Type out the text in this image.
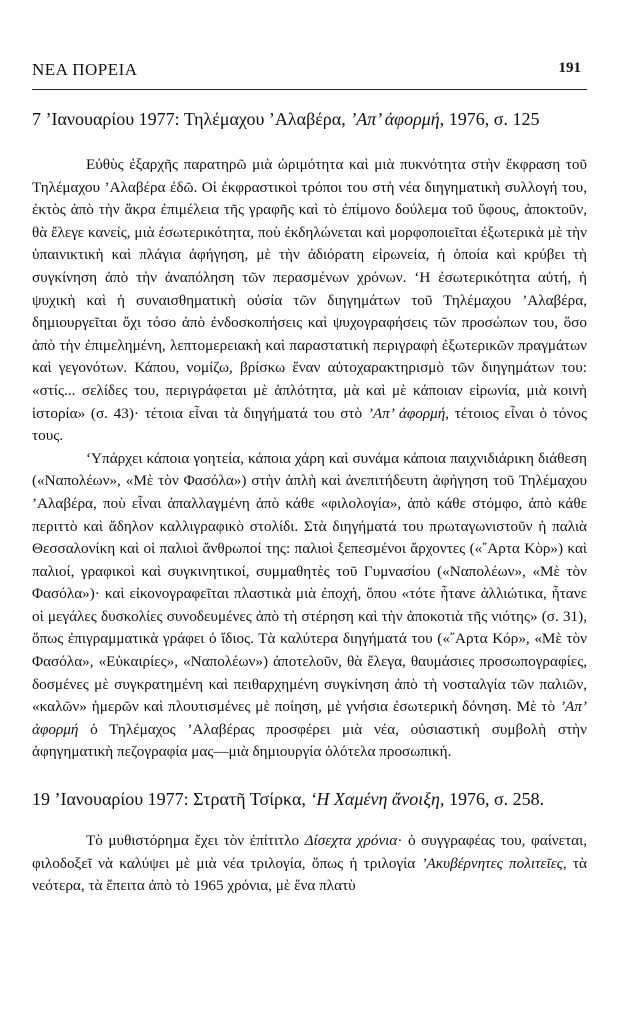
ΝΕΑ ΠΟΡΕΙΑ	191

7 ’Ιανουαρίου 1977: Τηλέμαχου ’Αλαβέρα, ’Απ’ ἀφορμή, 1976, σ. 125

Εὐθὺς ἐξαρχῆς παρατηρῶ μιὰ ὡριμότητα καὶ μιὰ πυκνότητα στὴν ἔκφραση τοῦ Τηλέμαχου ’Αλαβέρα ἐδῶ. Οἱ ἐκφραστικοὶ τρόποι του στὴ νέα διηγηματικὴ συλλογή του, ἐκτὸς ἀπὸ τὴν ἄκρα ἐπιμέλεια τῆς γραφῆς καὶ τὸ ἐπίμονο δούλεμα τοῦ ὕφους, ἀποκτοῦν, θὰ ἔλεγε κανείς, μιὰ ἐσωτερικότητα, ποὺ ἐκδηλώνεται καὶ μορφοποιεῖται ἐξωτερικὰ μὲ τὴν ὑπαινικτικὴ καὶ πλάγια ἀφήγηση, μὲ τὴν ἀδιόρατη εἰρωνεία, ἡ ὁποία καὶ κρύβει τὴ συγκίνηση ἀπὸ τὴν ἀναπόληση τῶν περασμένων χρόνων. ‘Η ἐσωτερικότητα αὐτή, ἡ ψυχικὴ καὶ ἡ συναισθηματικὴ οὐσία τῶν διηγημάτων τοῦ Τηλέμαχου ’Αλαβέρα, δημιουργεῖται ὄχι τόσο ἀπὸ ἐνδοσκοπήσεις καὶ ψυχογραφήσεις τῶν προσώπων του, ὅσο ἀπὸ τὴν ἐπιμελημένη, λεπτομερειακὴ καὶ παραστατικὴ περιγραφὴ ἐξωτερικῶν πραγμάτων καὶ γεγονότων. Κάπου, νομίζω, βρίσκω ἕναν αὐτοχαρακτηρισμὸ τῶν διηγημάτων του: «στίς... σελίδες του, περιγράφεται μὲ ἁπλότητα, μὰ καὶ μὲ κάποιαν εἰρωνία, μιὰ κοινὴ ἱστορία» (σ. 43)· τέτοια εἶναι τὰ διηγήματά του στὸ ’Απ’ ἀφορμή, τέτοιος εἶναι ὁ τόνος τους.

‘Υπάρχει κάποια γοητεία, κάποια χάρη καὶ συνάμα κάποια παιχνιδιάρικη διάθεση («Ναπολέων», «Μὲ τὸν Φασόλα») στὴν ἁπλὴ καὶ ἀνεπιτήδευτη ἀφήγηση τοῦ Τηλέμαχου ’Αλαβέρα, ποὺ εἶναι ἀπαλλαγμένη ἀπὸ κάθε «φιλολογία», ἀπὸ κάθε στόμφο, ἀπὸ κάθε περιττὸ καὶ ἄδηλον καλλιγραφικὸ στολίδι. Στὰ διηγήματά του πρωταγωνιστοῦν ἡ παλιὰ Θεσσαλονίκη καὶ οἱ παλιοὶ ἄνθρωποί της: παλιοὶ ξεπεσμένοι ἄρχοντες («῎Αρτα Κὸρ») καὶ παλιοί, γραφικοὶ καὶ συγκινητικοί, συμμαθητὲς τοῦ Γυμνασίου («Ναπολέων», «Μὲ τὸν Φασόλα»)· καὶ εἰκονογραφεῖται πλαστικὰ μιὰ ἐποχή, ὅπου «τότε ἦτανε ἀλλιώτικα, ἦτανε οἱ μεγάλες δυσκολίες συνοδευμένες ἀπὸ τὴ στέρηση καὶ τὴν ἀποκοτιὰ τῆς νιότης» (σ. 31), ὅπως ἐπιγραμματικὰ γράφει ὁ ἴδιος. Τὰ καλύτερα διηγήματά του («῎Αρτα Κόρ», «Μὲ τὸν Φασόλα», «Εὐκαιρίες», «Ναπολέων») ἀποτελοῦν, θὰ ἔλεγα, θαυμάσιες προσωπογραφίες, δοσμένες μὲ συγκρατημένη καὶ πειθαρχημένη συγκίνηση ἀπὸ τὴ νοσταλγία τῶν παλιῶν, «καλῶν» ἡμερῶν καὶ πλουτισμένες μὲ ποίηση, μὲ γνήσια ἐσωτερικὴ δόνηση. Μὲ τὸ ’Απ’ ἀφορμή ὁ Τηλέμαχος ’Αλαβέρας προσφέρει μιὰ νέα, οὐσιαστικὴ συμβολὴ στὴν ἀφηγηματικὴ πεζογραφία μας—μιὰ δημιουργία ὁλότελα προσωπική.

19 ’Ιανουαρίου 1977: Στρατῆ Τσίρκα, ‘Η Χαμένη ἄνοιξη, 1976, σ. 258.

Τὸ μυθιστόρημα ἔχει τὸν ἐπίτιτλο Δίσεχτα χρόνια· ὁ συγγραφέας του, φαίνεται, φιλοδοξεῖ νὰ καλύψει μὲ μιὰ νέα τριλογία, ὅπως ἡ τριλογία ’Ακυβέρνητες πολιτεῖες, τὰ νεότερα, τὰ ἔπειτα ἀπὸ τὸ 1965 χρόνια, μὲ ἕνα πλατὺ
